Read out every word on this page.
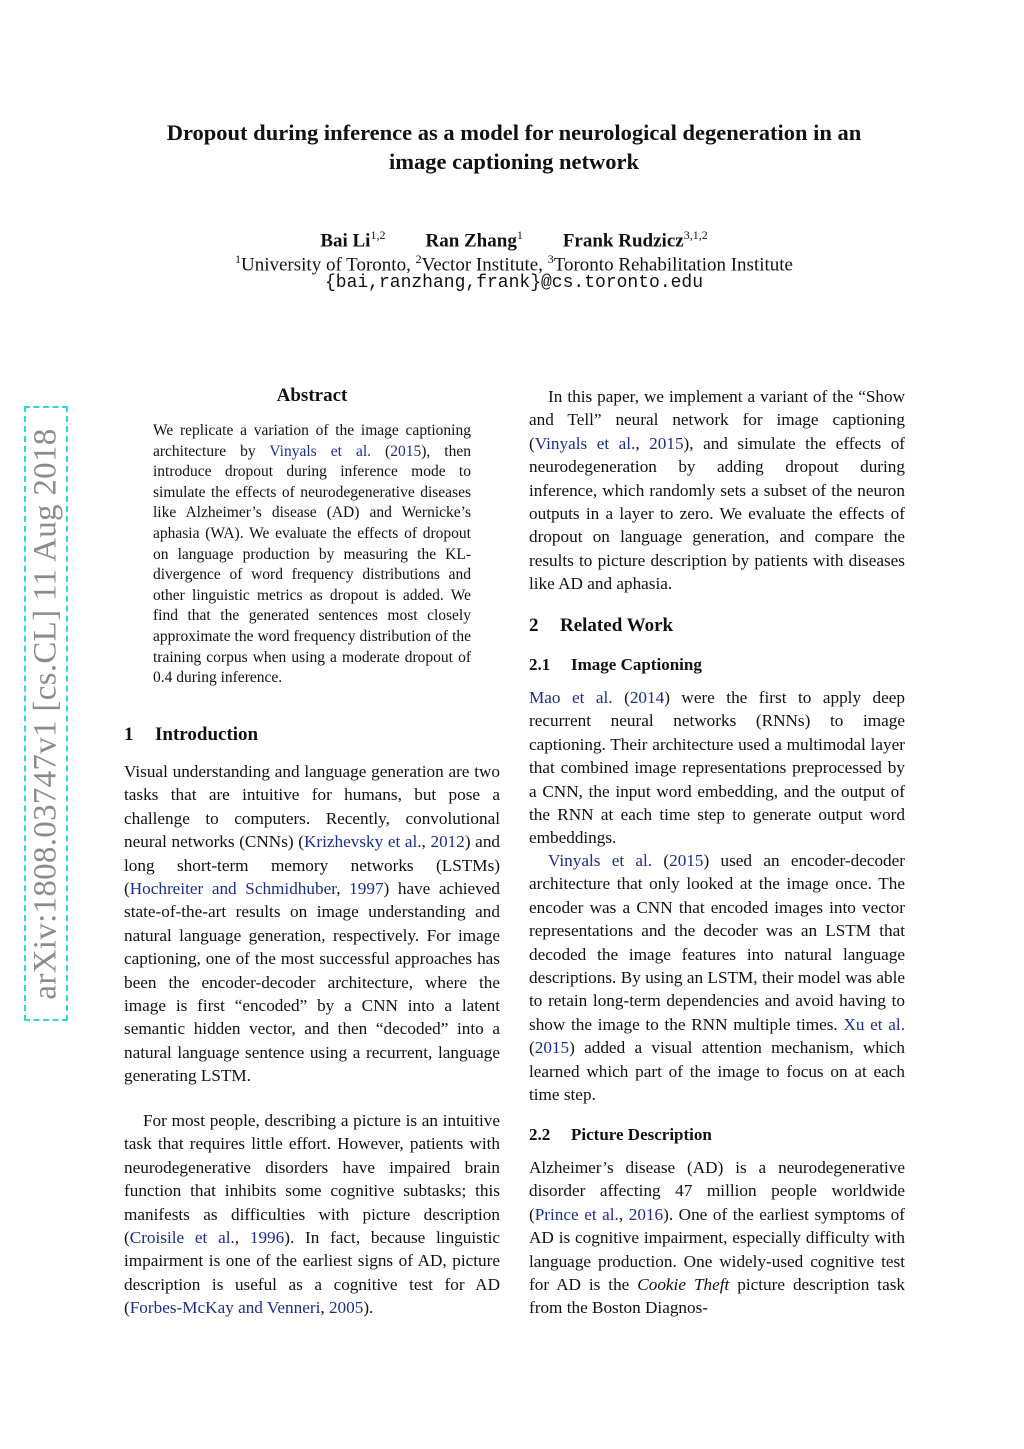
Dropout during inference as a model for neurological degeneration in an
image captioning network
Bai Li$^{1,2}$ Ran Zhang$^1$ Frank Rudzicz$^{3,1,2}$
$^1$University of Toronto, $^2$Vector Institute, $^3$Toronto Rehabilitation Institute
{bai,ranzhang,frank}@cs.toronto.edu
arXiv:1808.03747v1 [cs.CL] 11 Aug 2018
Abstract
We replicate a variation of the image captioning architecture by Vinyals et al. (2015), then introduce dropout during inference mode to simulate the effects of neurodegenerative diseases like Alzheimer’s disease (AD) and Wernicke’s aphasia (WA). We evaluate the effects of dropout on language production by measuring the KL-divergence of word frequency distributions and other linguistic metrics as dropout is added. We find that the generated sentences most closely approximate the word frequency distribution of the training corpus when using a moderate dropout of 0.4 during inference.
1 Introduction
Visual understanding and language generation are two tasks that are intuitive for humans, but pose a challenge to computers. Recently, convolutional neural networks (CNNs) (Krizhevsky et al., 2012) and long short-term memory networks (LSTMs) (Hochreiter and Schmidhuber, 1997) have achieved state-of-the-art results on image understanding and natural language generation, respectively. For image captioning, one of the most successful approaches has been the encoder-decoder architecture, where the image is first “encoded” by a CNN into a latent semantic hidden vector, and then “decoded” into a natural language sentence using a recurrent, language generating LSTM.
For most people, describing a picture is an intuitive task that requires little effort. However, patients with neurodegenerative disorders have impaired brain function that inhibits some cognitive subtasks; this manifests as difficulties with picture description (Croisile et al., 1996). In fact, because linguistic impairment is one of the earliest signs of AD, picture description is useful as a cognitive test for AD (Forbes-McKay and Venneri, 2005).
In this paper, we implement a variant of the “Show and Tell” neural network for image captioning (Vinyals et al., 2015), and simulate the effects of neurodegeneration by adding dropout during inference, which randomly sets a subset of the neuron outputs in a layer to zero. We evaluate the effects of dropout on language generation, and compare the results to picture description by patients with diseases like AD and aphasia.
2 Related Work
2.1 Image Captioning
Mao et al. (2014) were the first to apply deep recurrent neural networks (RNNs) to image captioning. Their architecture used a multimodal layer that combined image representations preprocessed by a CNN, the input word embedding, and the output of the RNN at each time step to generate output word embeddings.
Vinyals et al. (2015) used an encoder-decoder architecture that only looked at the image once. The encoder was a CNN that encoded images into vector representations and the decoder was an LSTM that decoded the image features into natural language descriptions. By using an LSTM, their model was able to retain long-term dependencies and avoid having to show the image to the RNN multiple times. Xu et al. (2015) added a visual attention mechanism, which learned which part of the image to focus on at each time step.
2.2 Picture Description
Alzheimer’s disease (AD) is a neurodegenerative disorder affecting 47 million people worldwide (Prince et al., 2016). One of the earliest symptoms of AD is cognitive impairment, especially difficulty with language production. One widely-used cognitive test for AD is the Cookie Theft picture description task from the Boston Diagnos-
